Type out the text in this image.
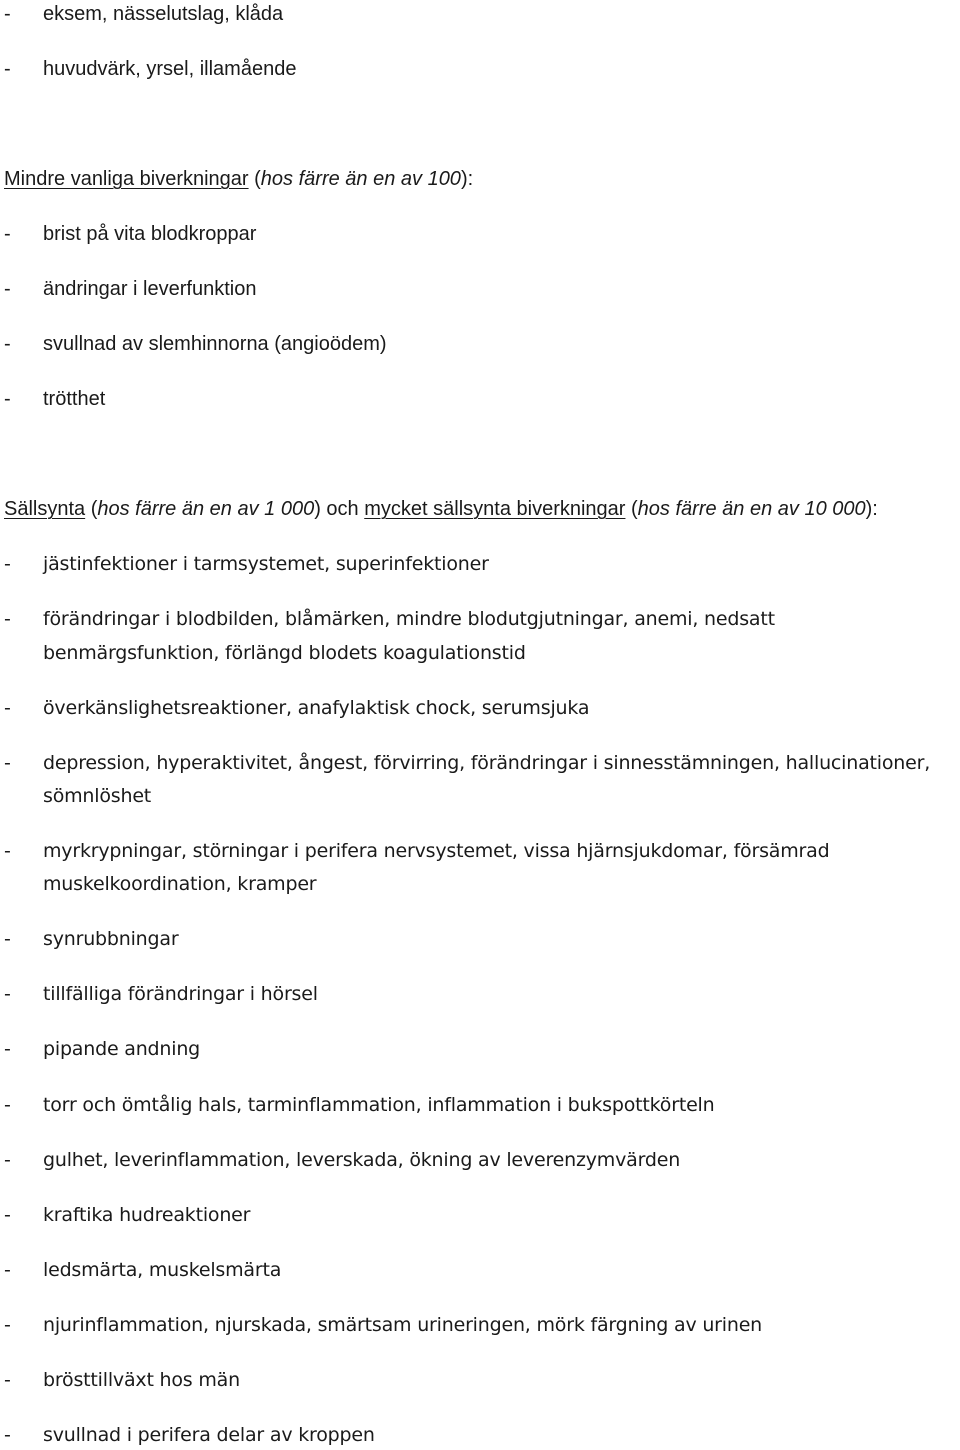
- eksem, nässelutslag, klåda
- huvudvärk, yrsel, illamående
Mindre vanliga biverkningar (hos färre än en av 100):
- brist på vita blodkroppar
- ändringar i leverfunktion
- svullnad av slemhinnorna (angioödem)
- trötthet
Sällsynta (hos färre än en av 1 000) och mycket sällsynta biverkningar (hos färre än en av 10 000):
- jästinfektioner i tarmsystemet, superinfektioner
- förändringar i blodbilden, blåmärken, mindre blodutgjutningar, anemi, nedsatt
benmärgsfunktion, förlängd blodets koagulationstid
- överkänslighetsreaktioner, anafylaktisk chock, serumsjuka
- depression, hyperaktivitet, ångest, förvirring, förändringar i sinnesstämningen, hallucinationer,
sömnlöshet
- myrkrypningar, störningar i perifera nervsystemet, vissa hjärnsjukdomar, försämrad
muskelkoordination, kramper
- synrubbningar
- tillfälliga förändringar i hörsel
- pipande andning
- torr och ömtålig hals, tarminflammation, inflammation i bukspottkörteln
- gulhet, leverinflammation, leverskada, ökning av leverenzymvärden
- kraftika hudreaktioner
- ledsmärta, muskelsmärta
- njurinflammation, njurskada, smärtsam urineringen, mörk färgning av urinen
- brösttillväxt hos män
- svullnad i perifera delar av kroppen
